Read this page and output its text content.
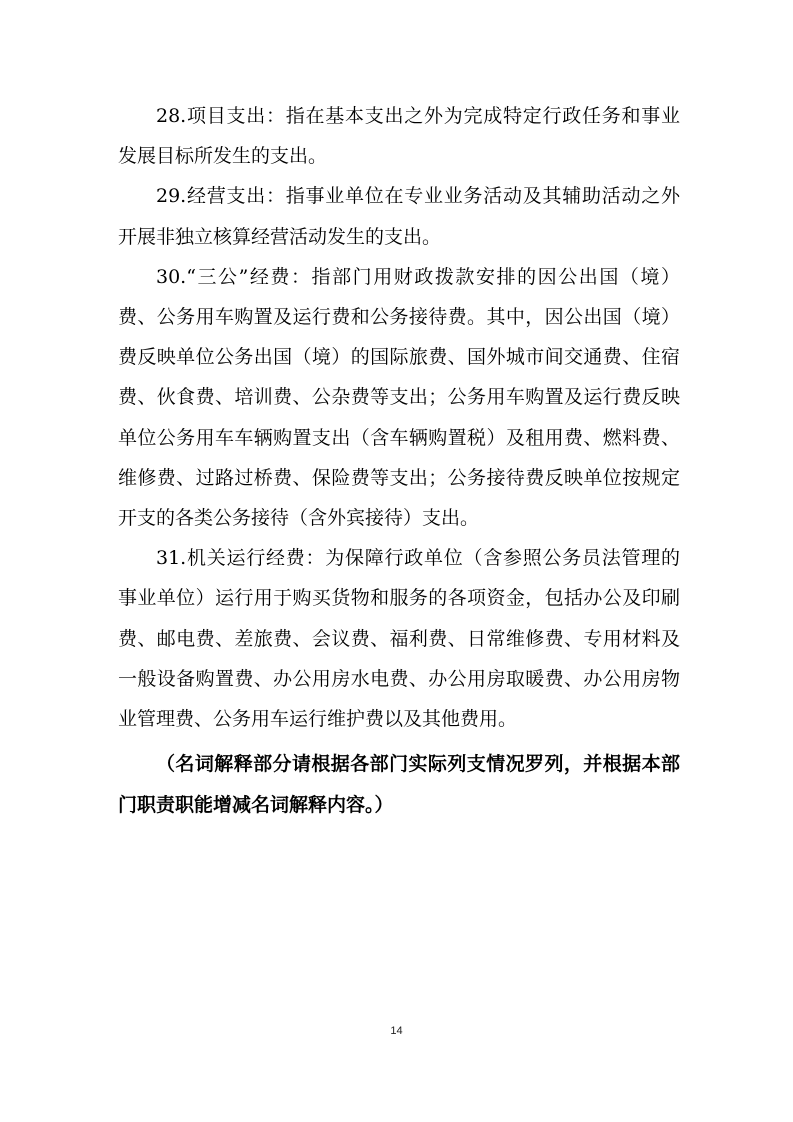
28.项目支出：指在基本支出之外为完成特定行政任务和事业发展目标所发生的支出。

29.经营支出：指事业单位在专业业务活动及其辅助活动之外开展非独立核算经营活动发生的支出。

30.“三公”经费：指部门用财政拨款安排的因公出国（境）费、公务用车购置及运行费和公务接待费。其中，因公出国（境）费反映单位公务出国（境）的国际旅费、国外城市间交通费、住宿费、伙食费、培训费、公杂费等支出；公务用车购置及运行费反映单位公务用车车辆购置支出（含车辆购置税）及租用费、燃料费、维修费、过路过桥费、保险费等支出；公务接待费反映单位按规定开支的各类公务接待（含外宾接待）支出。

31.机关运行经费：为保障行政单位（含参照公务员法管理的事业单位）运行用于购买货物和服务的各项资金，包括办公及印刷费、邮电费、差旅费、会议费、福利费、日常维修费、专用材料及一般设备购置费、办公用房水电费、办公用房取暖费、办公用房物业管理费、公务用车运行维护费以及其他费用。

（名词解释部分请根据各部门实际列支情况罗列，并根据本部门职责职能增减名词解释内容。）

14
